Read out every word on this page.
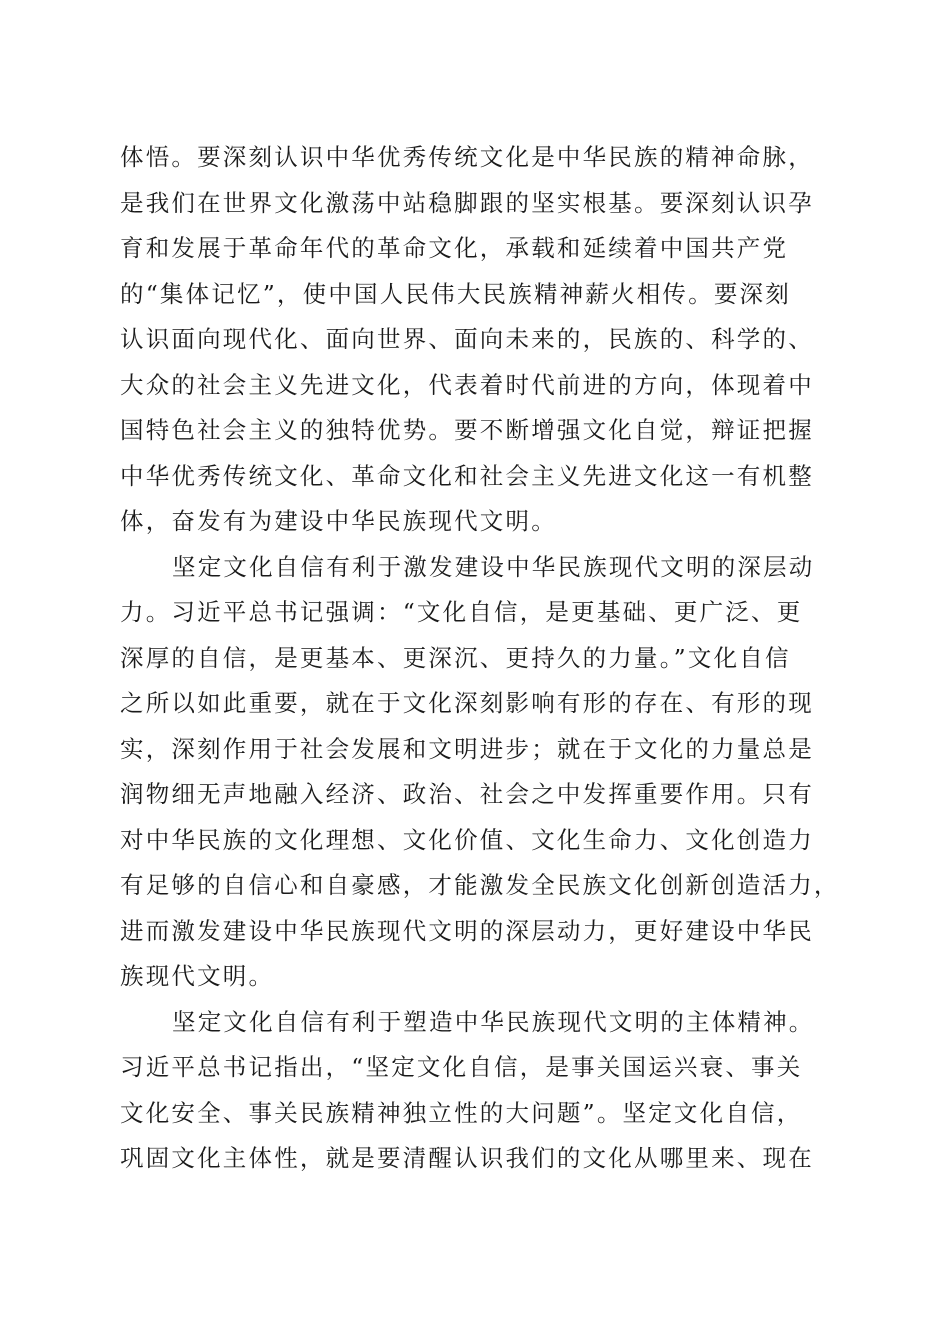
体悟。要深刻认识中华优秀传统文化是中华民族的精神命脉，
是我们在世界文化激荡中站稳脚跟的坚实根基。要深刻认识孕
育和发展于革命年代的革命文化，承载和延续着中国共产党
的“集体记忆”，使中国人民伟大民族精神薪火相传。要深刻
认识面向现代化、面向世界、面向未来的，民族的、科学的、
大众的社会主义先进文化，代表着时代前进的方向，体现着中
国特色社会主义的独特优势。要不断增强文化自觉，辩证把握
中华优秀传统文化、革命文化和社会主义先进文化这一有机整
体，奋发有为建设中华民族现代文明。
坚定文化自信有利于激发建设中华民族现代文明的深层动
力。习近平总书记强调：“文化自信，是更基础、更广泛、更
深厚的自信，是更基本、更深沉、更持久的力量。”文化自信
之所以如此重要，就在于文化深刻影响有形的存在、有形的现
实，深刻作用于社会发展和文明进步；就在于文化的力量总是
润物细无声地融入经济、政治、社会之中发挥重要作用。只有
对中华民族的文化理想、文化价值、文化生命力、文化创造力
有足够的自信心和自豪感，才能激发全民族文化创新创造活力，
进而激发建设中华民族现代文明的深层动力，更好建设中华民
族现代文明。
坚定文化自信有利于塑造中华民族现代文明的主体精神。
习近平总书记指出，“坚定文化自信，是事关国运兴衰、事关
文化安全、事关民族精神独立性的大问题”。坚定文化自信，
巩固文化主体性，就是要清醒认识我们的文化从哪里来、现在
